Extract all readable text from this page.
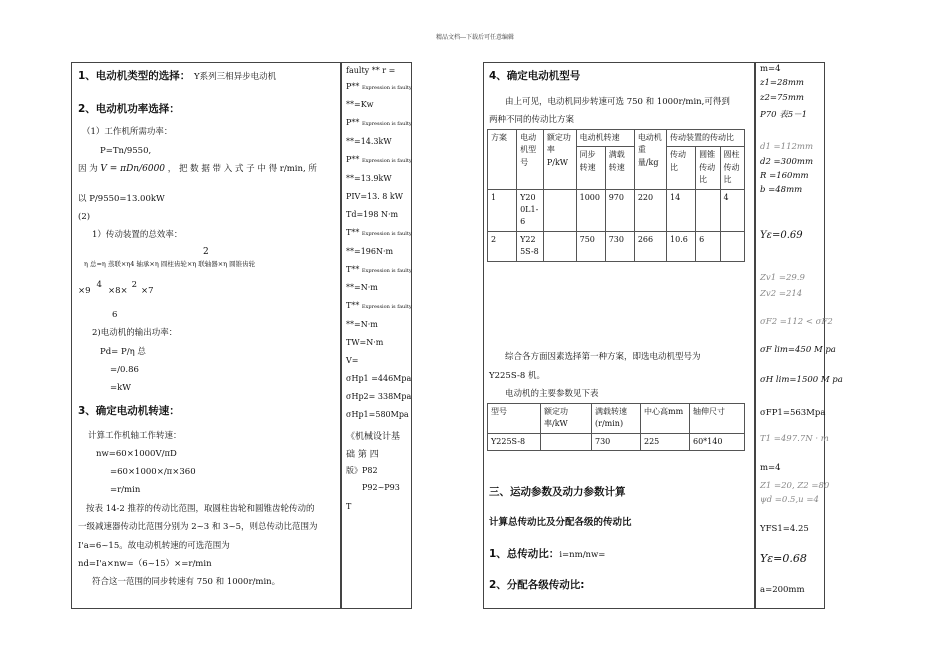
精品文档---下载后可任意编辑
1、电动机类型的选择： Y系列三相异步电动机
2、电动机功率选择：
（1）工作机所需功率：
P=Tn/9550,
因 为 V = πDn/6000 ， 把 数 据 带 入 式 子 中 得 r/min, 所
以 P/9550=13.00kW
(2)
1）传动装置的总效率：
2
η 总=η 蒸联×η4 轴承×η 圆柱齿轮×η 联轴器×η 圆锥齿轮
×94×8×2×7
6
2)电动机的输出功率：
Pd= P/η 总
=/0.86
=kW
3、确定电动机转速：
计算工作机轴工作转速：
nw=60×1000V/πD
=60×1000×/π×360
=r/min
按表 14-2 推荐的传动比范围，取圆柱齿轮和圆锥齿轮传动的
一级减速器传动比范围分别为 2~3 和 3~5，则总传动比范围为
I'a=6~15。故电动机转速的可选范围为
nd=I'a×nw=（6~15）×=r/min
符合这一范围的同步转速有 750 和 1000r/min。
faulty ** r =
P** Expression is faulty
**=Kw
P** Expression is faulty
**=14.3kW
P** Expression is faulty
**=13.9kW
PIV=13. 8 kW
Td=198 N·m
T** Expression is faulty
**=196N·m
T** Expression is faulty
**=N·m
T** Expression is faulty
**=N·m
TW=N·m
V=
σHp1 =446Mpa
σHp2= 338Mpa
σHp1=580Mpa
《机械设计基
础 第 四
版》P82
P92~P93
T
4、确定电动机型号
由上可见，电动机同步转速可选 750 和 1000r/min,可得到
两种不同的传动比方案
方案	电动机型号	额定功率P/kW	电动机转速		电动机重量/kg	传动装置的传动比		
			同步转速	满载转速		传动比	圆锥传动比	圆柱传动比
1	Y200L1-6		1000	970	220	14		4
2	Y225S-8		750	730	266	10.6	6	
综合各方面因素选择第一种方案，即选电动机型号为
Y225S-8 机。
电动机的主要参数见下表
型号	额定功率/kW	满载转速(r/min)	中心高mm	轴伸尺寸
Y225S-8		730	225	60*140
三、运动参数及动力参数计算
计算总传动比及分配各级的传动比
1、总传动比：i=nm/nw=
2、分配各级传动比:
m=4
z1=28mm
z2=75mm
P70 表5－1
d1 =112mm
d2 =300mm
R =160mm
b =48mm
Yε=0.69
Zv1 =29.9
Zv2 =214
σF2 =112 < σF2
σF lim=450 M pa
σH lim=1500 M pa
σFP1=563Mpa
T1 =497.7N · m
m=4
Z1 =20, Z2 =80
ψd =0.5,u =4
YFS1=4.25
Yε=0.68
a=200mm
